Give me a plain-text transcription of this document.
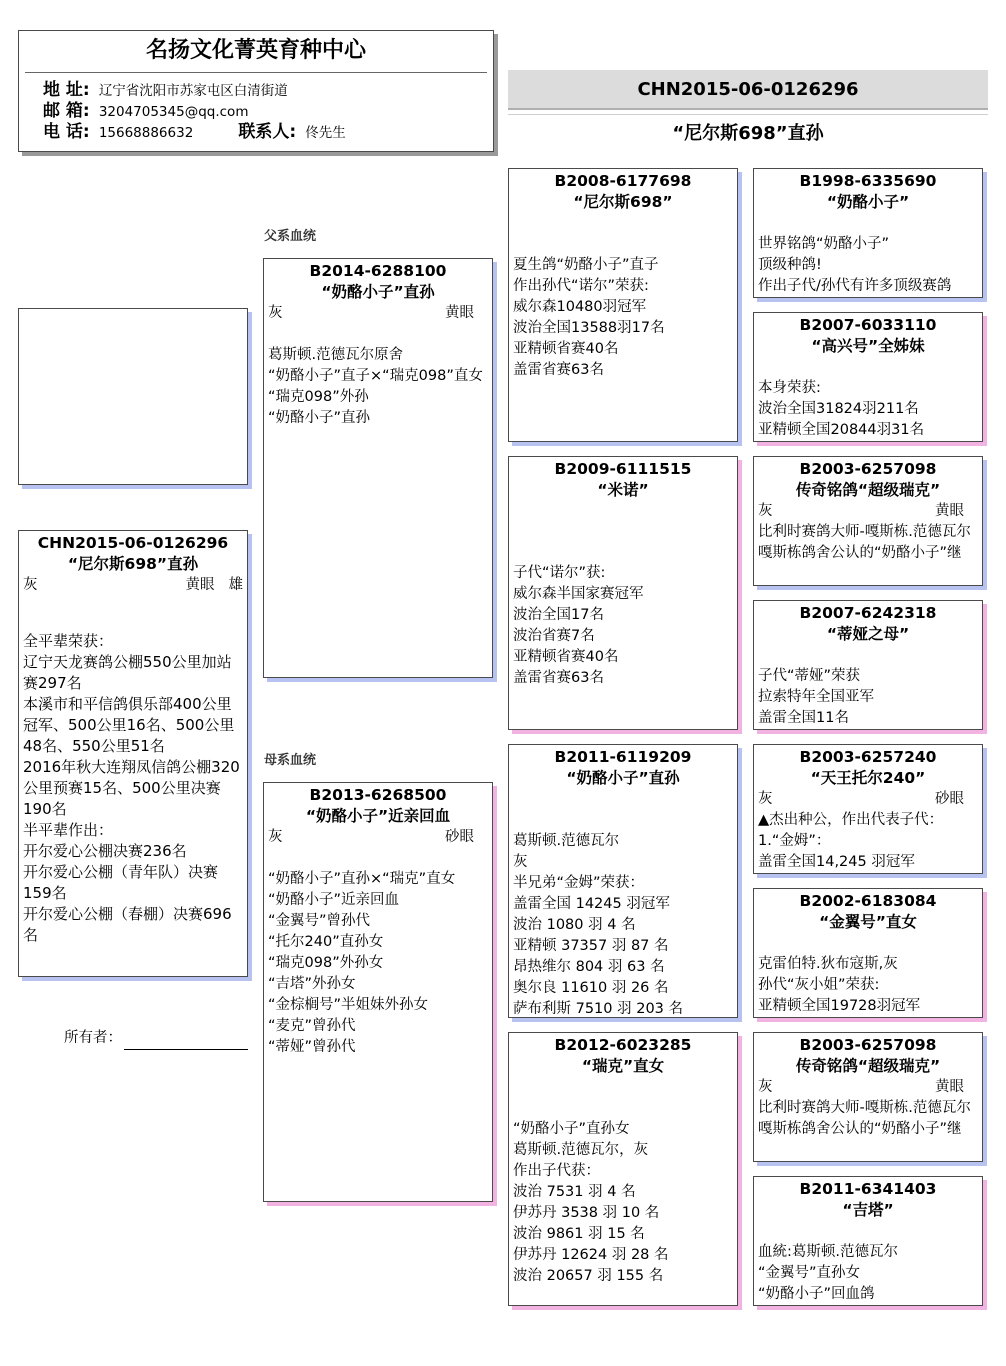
名扬文化菁英育种中心
地 址: 辽宁省沈阳市苏家屯区白清街道
邮 箱: 3204705345@qq.com
电 话: 15668886632	联系人: 佟先生
CHN2015-06-0126296
“尼尔斯698”直孙
CHN2015-06-0126296
“尼尔斯698”直孙
灰	黄眼 雄
全平辈荣获：
辽宁天龙赛鸽公棚550公里加站赛297名
本溪市和平信鸽俱乐部400公里冠军、500公里16名、500公里48名、550公里51名
2016年秋大连翔凤信鸽公棚320公里预赛15名、500公里决赛190名
半平辈作出：
开尔爱心公棚决赛236名
开尔爱心公棚（青年队）决赛159名
开尔爱心公棚（春棚）决赛696名
所有者：
父系血统
母系血统
B2014-6288100
“奶酪小子”直孙
灰	黄眼
葛斯顿.范德瓦尔原舍
“奶酪小子”直子×“瑞克098”直女
“瑞克098”外孙
“奶酪小子”直孙
B2013-6268500
“奶酪小子”近亲回血
灰	砂眼
“奶酪小子”直孙×“瑞克”直女
“奶酪小子”近亲回血
“金翼号”曾孙代
“托尔240”直孙女
“瑞克098”外孙女
“吉塔”外孙女
“金棕榈号”半姐妹外孙女
“麦克”曾孙代
“蒂娅”曾孙代
B2008-6177698
“尼尔斯698”
夏生鸽“奶酪小子”直子
作出孙代“诺尔”荣获:
威尔森10480羽冠军
波治全国13588羽17名
亚精顿省赛40名
盖雷省赛63名
B2009-6111515
“米诺”
子代“诺尔”获:
威尔森半国家赛冠军
波治全国17名
波治省赛7名
亚精顿省赛40名
盖雷省赛63名
B2011-6119209
“奶酪小子”直孙
葛斯顿.范德瓦尔
灰
半兄弟“金姆”荣获：
盖雷全国 14245 羽冠军
波治 1080 羽 4 名
亚精顿 37357 羽 87 名
昂热维尔 804 羽 63 名
奥尔良 11610 羽 26 名
萨布利斯 7510 羽 203 名
B2012-6023285
“瑞克”直女
“奶酪小子”直孙女
葛斯顿.范德瓦尔，灰
作出子代获：
波治 7531 羽 4 名
伊苏丹 3538 羽 10 名
波治 9861 羽 15 名
伊苏丹 12624 羽 28 名
波治 20657 羽 155 名
B1998-6335690
“奶酪小子”
世界铭鸽“奶酪小子”
顶级种鸽!
作出子代/孙代有许多顶级赛鸽
B2007-6033110
“高兴号”全姊妹
本身荣获:
波治全国31824羽211名
亚精顿全国20844羽31名
B2003-6257098
传奇铭鸽“超级瑞克”
灰	黄眼
比利时赛鸽大师-嘎斯栋.范德瓦尔
嘎斯栋鸽舍公认的“奶酪小子”继
B2007-6242318
“蒂娅之母”
子代“蒂娅”荣获
拉索特年全国亚军
盖雷全国11名
B2003-6257240
“天王托尔240”
灰	砂眼
▲杰出种公，作出代表子代：
1.“金姆”：
盖雷全国14,245 羽冠军
B2002-6183084
“金翼号”直女
克雷伯特.狄布寇斯,灰
孙代“灰小姐”荣获:
亚精顿全国19728羽冠军
B2003-6257098
传奇铭鸽“超级瑞克”
灰	黄眼
比利时赛鸽大师-嘎斯栋.范德瓦尔
嘎斯栋鸽舍公认的“奶酪小子”继
B2011-6341403
“吉塔”
血統:葛斯顿.范德瓦尔
“金翼号”直孙女
“奶酪小子”回血鸽
